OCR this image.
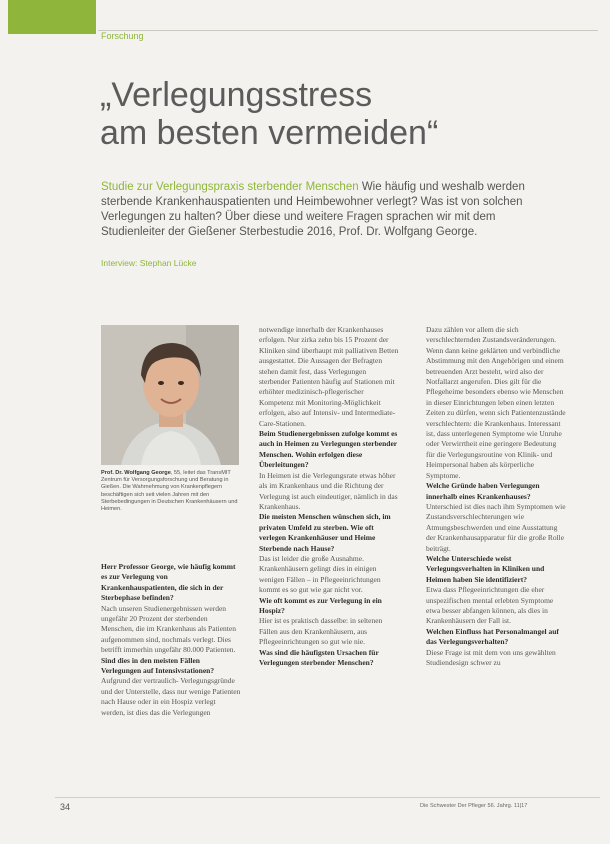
Forschung
„Verlegungsstress
am besten vermeiden“
Studie zur Verlegungspraxis sterbender Menschen Wie häufig und weshalb werden sterbende Krankenhauspatienten und Heimbewohner verlegt? Was ist von solchen Verlegungen zu halten? Über diese und weitere Fragen sprachen wir mit dem Studienleiter der Gießener Sterbestudie 2016, Prof. Dr. Wolfgang George.
Interview: Stephan Lücke
Prof. Dr. Wolfgang George, 55, leitet das TransMIT Zentrum für Versorgungsforschung und Beratung in Gießen. Die Wahrnehmung von Krankenpflegern beschäftigen sich seit vielen Jahren mit den Sterbebedingungen in Deutschen Krankenhäusern und Heimen.

Herr Professor George, wie häufig kommt es zur Verlegung von Krankenhauspatienten, die sich in der Sterbephase befinden?

Nach unseren Studienergebnissen werden ungefähr 20 Prozent der sterbenden Menschen, die im Krankenhaus als Patienten aufgenommen sind, nochmals verlegt. Dies betrifft immerhin ungefähr 80.000 Patienten.

Sind dies in den meisten Fällen Verlegungen auf Intensivstationen?

Aufgrund der vertraulich- Verlegungsgründe und der Unterstelle, dass nur wenige Patienten nach Hause oder in ein Hospiz verlegt werden, ist dies das die Verlegungen

notwendige innerhalb der Krankenhauses erfolgen. Nur zirka zehn bis 15 Prozent der Kliniken sind überhaupt mit palliativen Betten ausgestattet. Die Aussagen der Befragten stehen damit fest, dass Verlegungen sterbender Patienten häufig auf Stationen mit erhöhter medizinisch-pflegerischer Kompetenz mit Monitoring-Möglichkeit erfolgen, also auf Intensiv- und Intermediate-Care-Stationen.

Beim Studienergebnissen zufolge kommt es auch in Heimen zu Verlegungen sterbender Menschen. Wohin erfolgen diese Überleitungen?

In Heimen ist die Verlegungsrate etwas höher als im Krankenhaus und die Richtung der Verlegung ist auch eindeutiger, nämlich in das Krankenhaus.

Die meisten Menschen wünschen sich, im privaten Umfeld zu sterben. Wie oft verlegen Krankenhäuser und Heime Sterbende nach Hause?

Das ist leider die große Ausnahme. Krankenhäusern gelingt dies in einigen wenigen Fällen – in Pflegeeinrichtungen kommt es so gut wie gar nicht vor.

Wie oft kommt es zur Verlegung in ein Hospiz?

Hier ist es praktisch dasselbe: in seltenen Fällen aus den Krankenhäusern, aus Pflegeeinrichtungen so gut wie nie.

Was sind die häufigsten Ursachen für Verlegungen sterbender Menschen?

Dazu zählen vor allem die sich verschlechternden Zustandsveränderungen. Wenn dann keine geklärten und verbindliche Abstimmung mit den Angehörigen und einem betreuenden Arzt besteht, wird also der Notfallarzt angerufen. Dies gilt für die Pflegeheime besonders ebenso wie Menschen in dieser Einrichtungen leben einen letzten Zeiten zu dürfen, wenn sich Patientenzustände verschlechtern: die Krankenhaus. Interessant ist, dass unterlegenen Symptome wie Unruhe oder Verwirrtheit eine geringere Bedeutung für die Verlegungsroutine von Klinik- und Heimpersonal haben als körperliche Symptome.

Welche Gründe haben Verlegungen innerhalb eines Krankenhauses?

Unterschied ist dies nach ihm Symptomen wie Zustandsverschlechterungen wie Atmungsbeschwerden und eine Ausstattung der Krankenhausapparatur für die große Rolle beiträgt.

Welche Unterschiede weist Verlegungsverhalten in Kliniken und Heimen haben Sie identifiziert?

Etwa dass Pflegeeinrichtungen die eher unspezifischen mental erlebten Symptome etwa besser abfangen können, als dies in Krankenhäusern der Fall ist.

Welchen Einfluss hat Personalmangel auf das Verlegungsverhalten?

Diese Frage ist mit dem von uns gewählten Studiendesign schwer zu

34	Die Schwester Der Pfleger 56. Jahrg. 11|17
